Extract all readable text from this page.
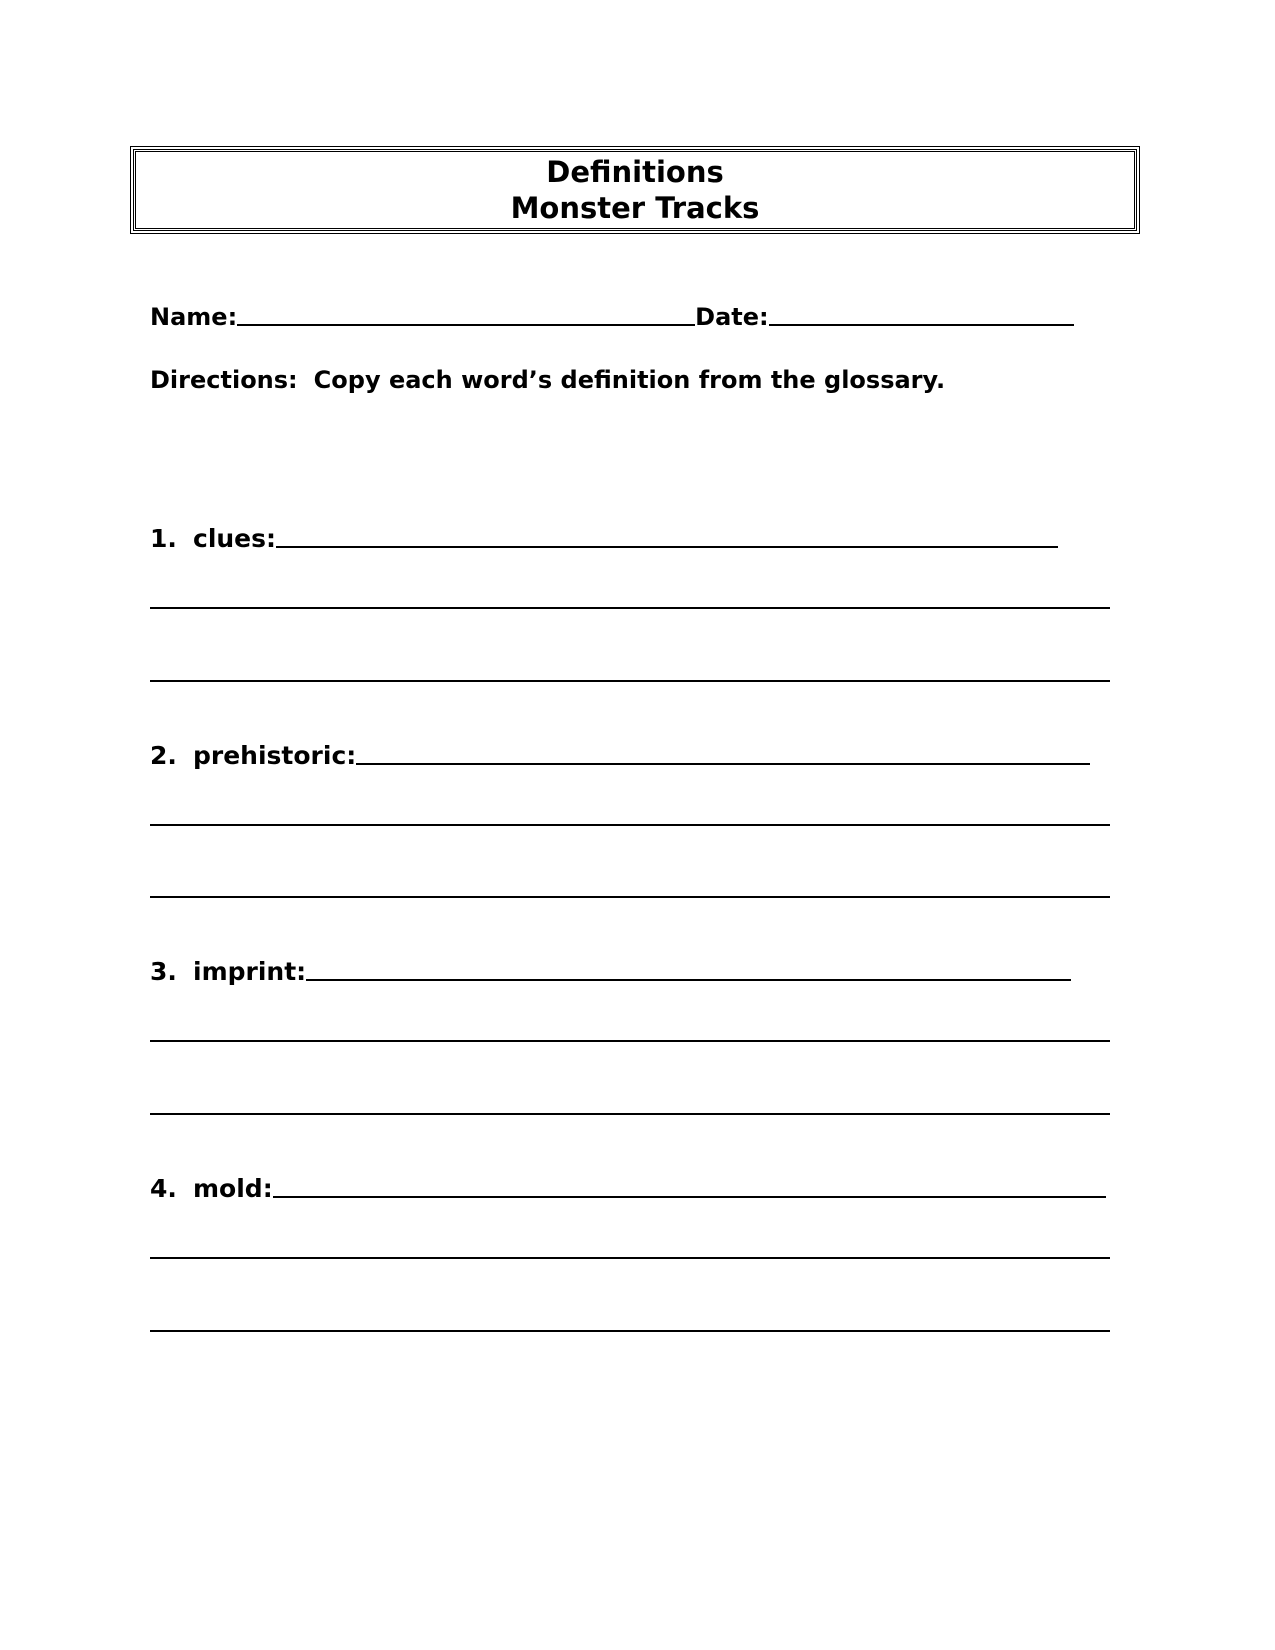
Definitions
Monster Tracks
Name:	Date:
Directions: Copy each word’s definition from the glossary.
1. clues:
2. prehistoric:
3. imprint:
4. mold:
